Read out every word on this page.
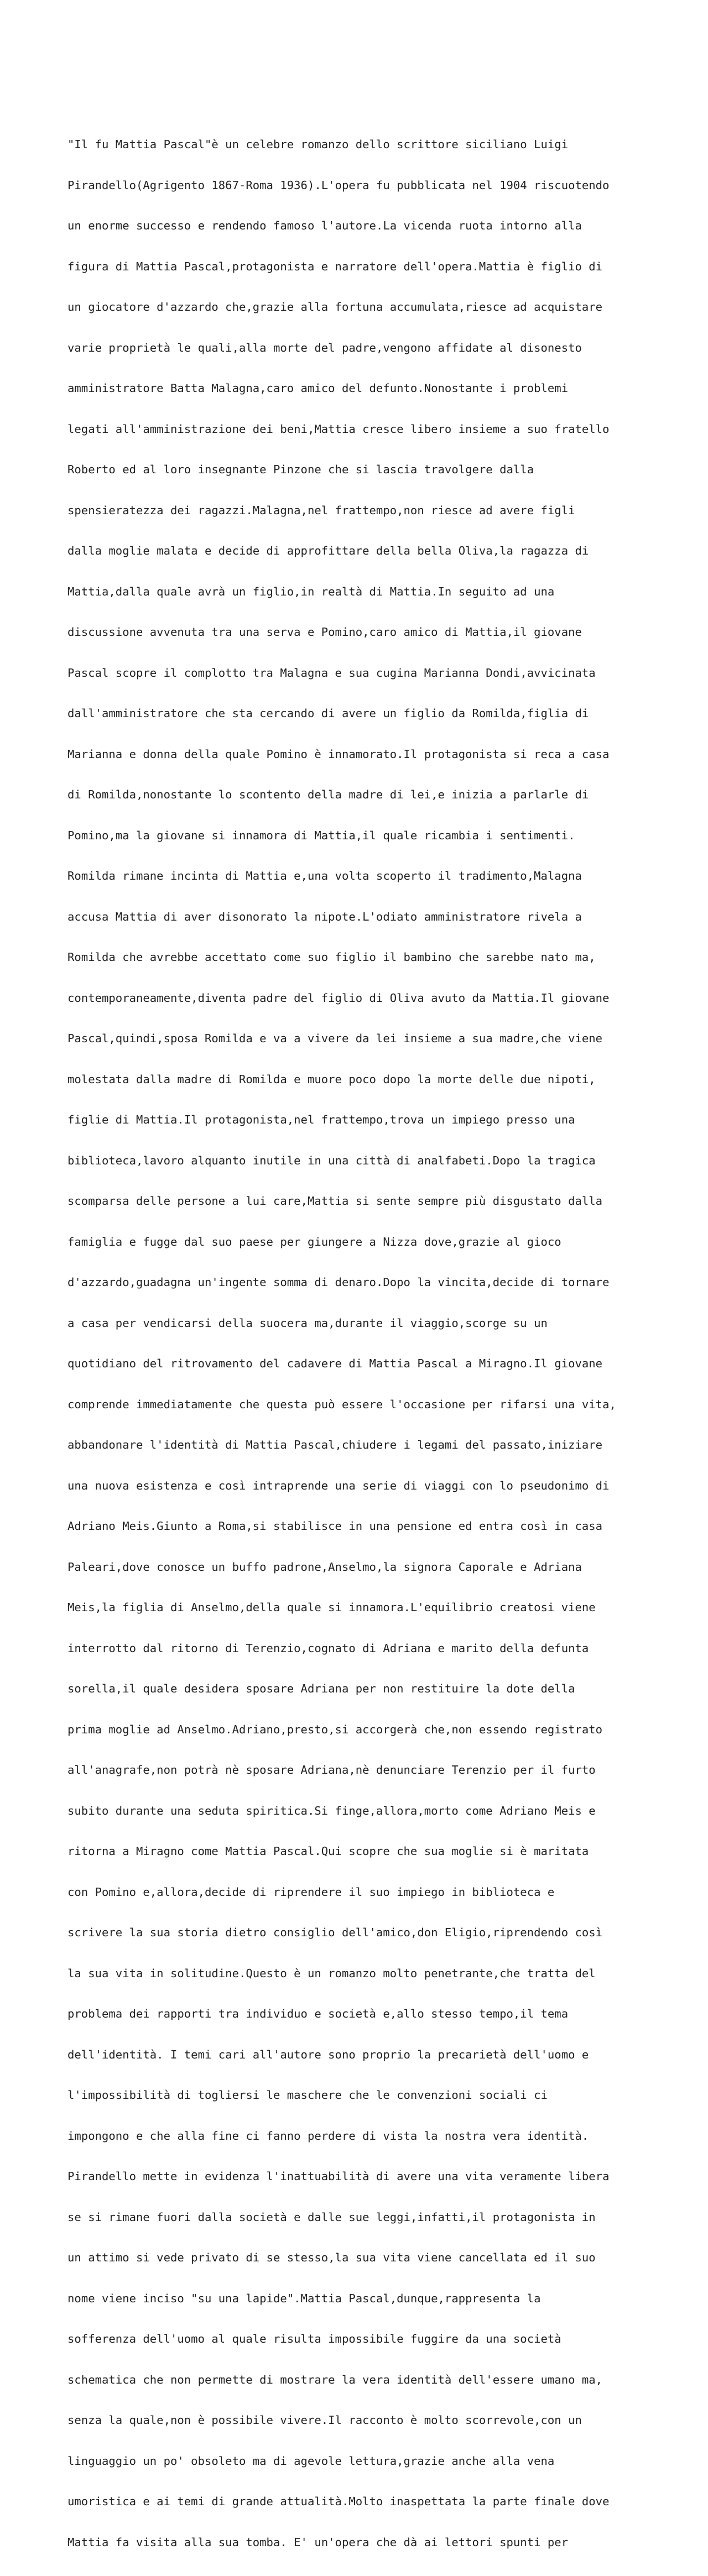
"Il fu Mattia Pascal"è un celebre romanzo dello scrittore siciliano Luigi

Pirandello(Agrigento 1867-Roma 1936).L'opera fu pubblicata nel 1904 riscuotendo

un enorme successo e rendendo famoso l'autore.La vicenda ruota intorno alla

figura di Mattia Pascal,protagonista e narratore dell'opera.Mattia è figlio di

un giocatore d'azzardo che,grazie alla fortuna accumulata,riesce ad acquistare

varie proprietà le quali,alla morte del padre,vengono affidate al disonesto

amministratore Batta Malagna,caro amico del defunto.Nonostante i problemi

legati all'amministrazione dei beni,Mattia cresce libero insieme a suo fratello

Roberto ed al loro insegnante Pinzone che si lascia travolgere dalla

spensieratezza dei ragazzi.Malagna,nel frattempo,non riesce ad avere figli

dalla moglie malata e decide di approfittare della bella Oliva,la ragazza di

Mattia,dalla quale avrà un figlio,in realtà di Mattia.In seguito ad una

discussione avvenuta tra una serva e Pomino,caro amico di Mattia,il giovane

Pascal scopre il complotto tra Malagna e sua cugina Marianna Dondi,avvicinata

dall'amministratore che sta cercando di avere un figlio da Romilda,figlia di

Marianna e donna della quale Pomino è innamorato.Il protagonista si reca a casa

di Romilda,nonostante lo scontento della madre di lei,e inizia a parlarle di

Pomino,ma la giovane si innamora di Mattia,il quale ricambia i sentimenti.

Romilda rimane incinta di Mattia e,una volta scoperto il tradimento,Malagna

accusa Mattia di aver disonorato la nipote.L'odiato amministratore rivela a

Romilda che avrebbe accettato come suo figlio il bambino che sarebbe nato ma,

contemporaneamente,diventa padre del figlio di Oliva avuto da Mattia.Il giovane

Pascal,quindi,sposa Romilda e va a vivere da lei insieme a sua madre,che viene

molestata dalla madre di Romilda e muore poco dopo la morte delle due nipoti,

figlie di Mattia.Il protagonista,nel frattempo,trova un impiego presso una

biblioteca,lavoro alquanto inutile in una città di analfabeti.Dopo la tragica

scomparsa delle persone a lui care,Mattia si sente sempre più disgustato dalla

famiglia e fugge dal suo paese per giungere a Nizza dove,grazie al gioco

d'azzardo,guadagna un'ingente somma di denaro.Dopo la vincita,decide di tornare

a casa per vendicarsi della suocera ma,durante il viaggio,scorge su un

quotidiano del ritrovamento del cadavere di Mattia Pascal a Miragno.Il giovane

comprende immediatamente che questa può essere l'occasione per rifarsi una vita,

abbandonare l'identità di Mattia Pascal,chiudere i legami del passato,iniziare

una nuova esistenza e così intraprende una serie di viaggi con lo pseudonimo di

Adriano Meis.Giunto a Roma,si stabilisce in una pensione ed entra così in casa

Paleari,dove conosce un buffo padrone,Anselmo,la signora Caporale e Adriana

Meis,la figlia di Anselmo,della quale si innamora.L'equilibrio creatosi viene

interrotto dal ritorno di Terenzio,cognato di Adriana e marito della defunta

sorella,il quale desidera sposare Adriana per non restituire la dote della

prima moglie ad Anselmo.Adriano,presto,si accorgerà che,non essendo registrato

all'anagrafe,non potrà nè sposare Adriana,nè denunciare Terenzio per il furto

subito durante una seduta spiritica.Si finge,allora,morto come Adriano Meis e

ritorna a Miragno come Mattia Pascal.Qui scopre che sua moglie si è maritata

con Pomino e,allora,decide di riprendere il suo impiego in biblioteca e

scrivere la sua storia dietro consiglio dell'amico,don Eligio,riprendendo così

la sua vita in solitudine.Questo è un romanzo molto penetrante,che tratta del

problema dei rapporti tra individuo e società e,allo stesso tempo,il tema

dell'identità. I temi cari all'autore sono proprio la precarietà dell'uomo e

l'impossibilità di togliersi le maschere che le convenzioni sociali ci

impongono e che alla fine ci fanno perdere di vista la nostra vera identità.

Pirandello mette in evidenza l'inattuabilità di avere una vita veramente libera

se si rimane fuori dalla società e dalle sue leggi,infatti,il protagonista in

un attimo si vede privato di se stesso,la sua vita viene cancellata ed il suo

nome viene inciso "su una lapide".Mattia Pascal,dunque,rappresenta la

sofferenza dell'uomo al quale risulta impossibile fuggire da una società

schematica che non permette di mostrare la vera identità dell'essere umano ma,

senza la quale,non è possibile vivere.Il racconto è molto scorrevole,con un

linguaggio un po' obsoleto ma di agevole lettura,grazie anche alla vena

umoristica e ai temi di grande attualità.Molto inaspettata la parte finale dove

Mattia fa visita alla sua tomba. E' un'opera che dà ai lettori spunti per
